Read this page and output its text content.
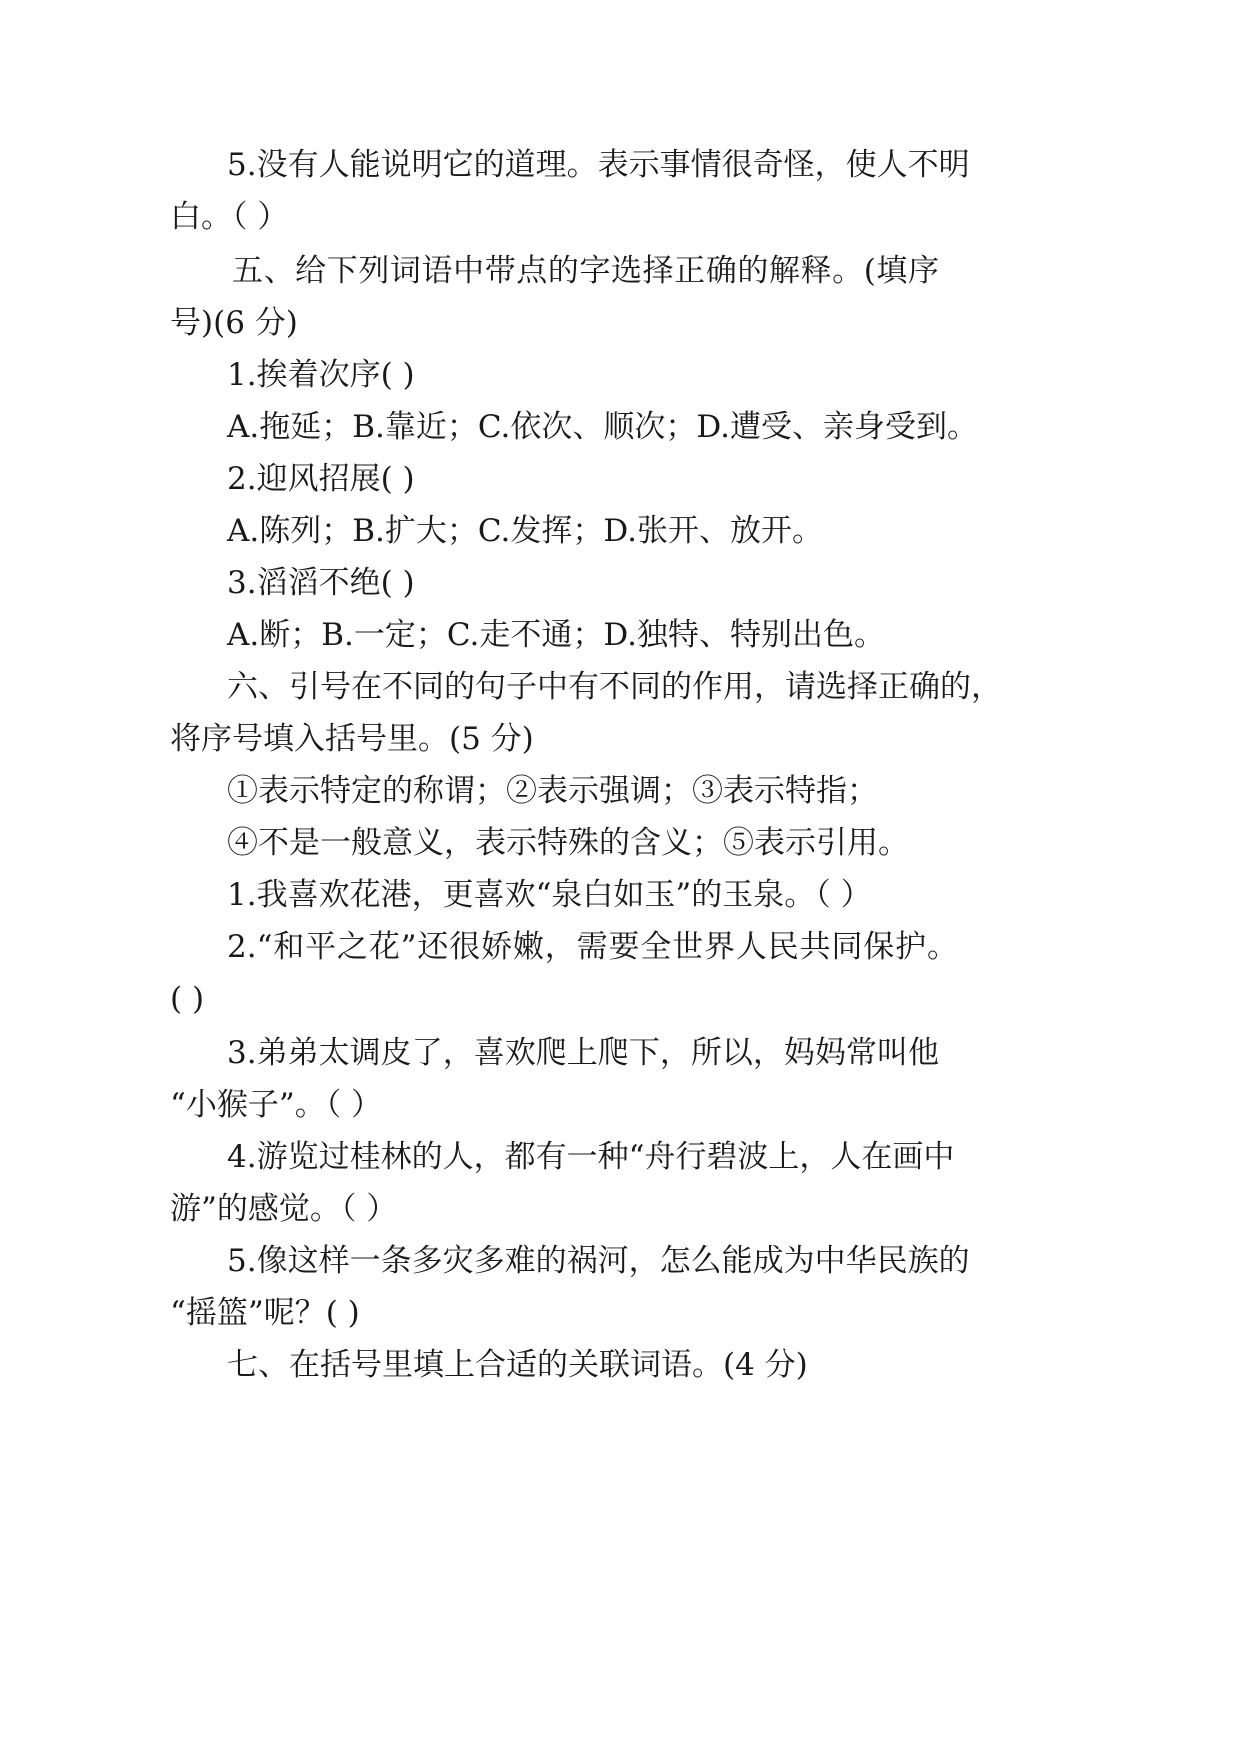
5.没有人能说明它的道理。表示事情很奇怪，使人不明
白。（ ）
五、给下列词语中带点的字选择正确的解释。(填序
号)(6 分)
1.挨着次序( )
A.拖延；B.靠近；C.依次、顺次；D.遭受、亲身受到。
2.迎风招展( )
A.陈列；B.扩大；C.发挥；D.张开、放开。
3.滔滔不绝( )
A.断；B.一定；C.走不通；D.独特、特别出色。
六、引号在不同的句子中有不同的作用，请选择正确的，
将序号填入括号里。(5 分)
①表示特定的称谓；②表示强调；③表示特指；
④不是一般意义，表示特殊的含义；⑤表示引用。
1.我喜欢花港，更喜欢“泉白如玉”的玉泉。（ ）
2.“和平之花”还很娇嫩，需要全世界人民共同保护。
( )
3.弟弟太调皮了，喜欢爬上爬下，所以，妈妈常叫他
“小猴子”。（ ）
4.游览过桂林的人，都有一种“舟行碧波上，人在画中
游”的感觉。（ ）
5.像这样一条多灾多难的祸河，怎么能成为中华民族的
“摇篮”呢？( )
七、在括号里填上合适的关联词语。(4 分)
